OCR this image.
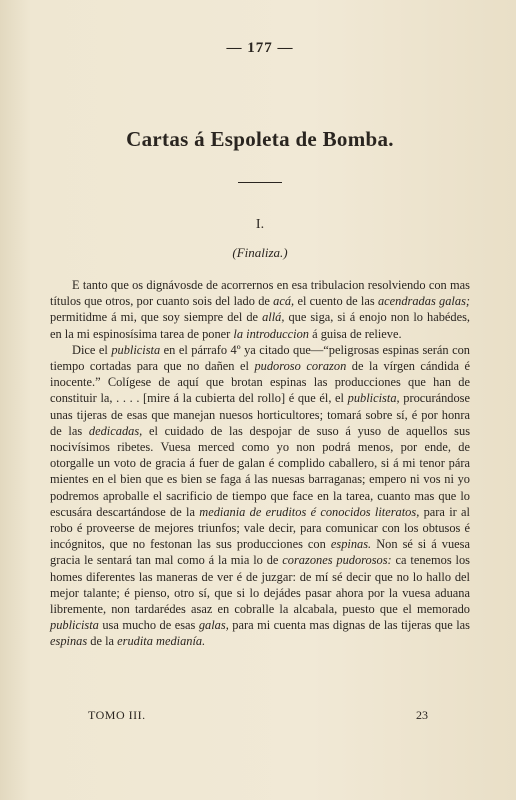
— 177 —
Cartas á Espoleta de Bomba.
I.
(Finaliza.)

E tanto que os dignávosde de acorrernos en esa tribulacion resolviendo con mas títulos que otros, por cuanto sois del lado de acá, el cuento de las acendradas galas; permitidme á mi, que soy siempre del de allá, que siga, si á enojo non lo habédes, en la mi espinosísima tarea de poner la introduccion á guisa de relieve.

Dice el publicista en el párrafo 4º ya citado que—“peligrosas espinas serán con tiempo cortadas para que no dañen el pudoroso corazon de la vírgen cándida é inocente.” Colígese de aquí que brotan espinas las producciones que han de constituir la, . . . . [mire á la cubierta del rollo] é que él, el publicista, procurándose unas tijeras de esas que manejan nuesos horticultores; tomará sobre sí, é por honra de las dedicadas, el cuidado de las despojar de suso á yuso de aquellos sus nocivísimos ribetes. Vuesa merced como yo non podrá menos, por ende, de otorgalle un voto de gracia á fuer de galan é complido caballero, si á mi tenor pára mientes en el bien que es bien se faga á las nuesas barraganas; empero ni vos ni yo podremos aproballe el sacrificio de tiempo que face en la tarea, cuanto mas que lo escusára descartándose de la mediania de eruditos é conocidos literatos, para ir al robo é proveerse de mejores triunfos; vale decir, para comunicar con los obtusos é incógnitos, que no festonan las sus producciones con espinas. Non sé si á vuesa gracia le sentará tan mal como á la mia lo de corazones pudorosos: ca tenemos los homes diferentes las maneras de ver é de juzgar: de mí sé decir que no lo hallo del mejor talante; é pienso, otro sí, que si lo dejádes pasar ahora por la vuesa aduana libremente, non tardarédes asaz en cobralle la alcabala, puesto que el memorado publicista usa mucho de esas galas, para mi cuenta mas dignas de las tijeras que las espinas de la erudita medianía.

TOMO III.	23
